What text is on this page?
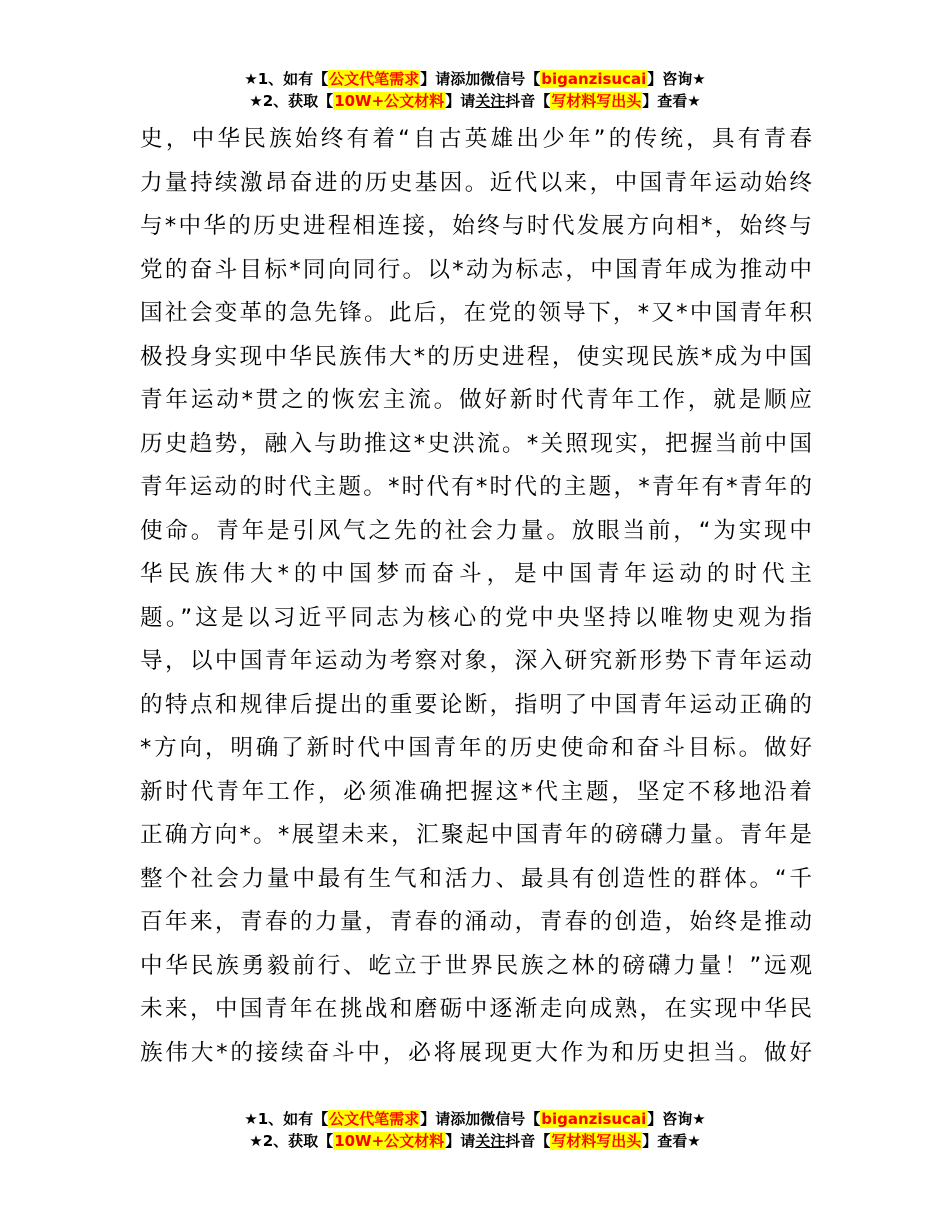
★1、如有【公文代笔需求】请添加微信号【biganzisucai】咨询★
★2、获取【10W+公文材料】请关注抖音【写材料写出头】查看★
史，中华民族始终有着“自古英雄出少年”的传统，具有青春
力量持续激昂奋进的历史基因。近代以来，中国青年运动始终
与*中华的历史进程相连接，始终与时代发展方向相*，始终与
党的奋斗目标*同向同行。以*动为标志，中国青年成为推动中
国社会变革的急先锋。此后，在党的领导下，*又*中国青年积
极投身实现中华民族伟大*的历史进程，使实现民族*成为中国
青年运动*贯之的恢宏主流。做好新时代青年工作，就是顺应
历史趋势，融入与助推这*史洪流。*关照现实，把握当前中国
青年运动的时代主题。*时代有*时代的主题，*青年有*青年的
使命。青年是引风气之先的社会力量。放眼当前，“为实现中
华民族伟大*的中国梦而奋斗，是中国青年运动的时代主
题。”这是以习近平同志为核心的党中央坚持以唯物史观为指
导，以中国青年运动为考察对象，深入研究新形势下青年运动
的特点和规律后提出的重要论断，指明了中国青年运动正确的
*方向，明确了新时代中国青年的历史使命和奋斗目标。做好
新时代青年工作，必须准确把握这*代主题，坚定不移地沿着
正确方向*。*展望未来，汇聚起中国青年的磅礴力量。青年是
整个社会力量中最有生气和活力、最具有创造性的群体。“千
百年来，青春的力量，青春的涌动，青春的创造，始终是推动
中华民族勇毅前行、屹立于世界民族之林的磅礴力量！”远观
未来，中国青年在挑战和磨砺中逐渐走向成熟，在实现中华民
族伟大*的接续奋斗中，必将展现更大作为和历史担当。做好
★1、如有【公文代笔需求】请添加微信号【biganzisucai】咨询★
★2、获取【10W+公文材料】请关注抖音【写材料写出头】查看★
